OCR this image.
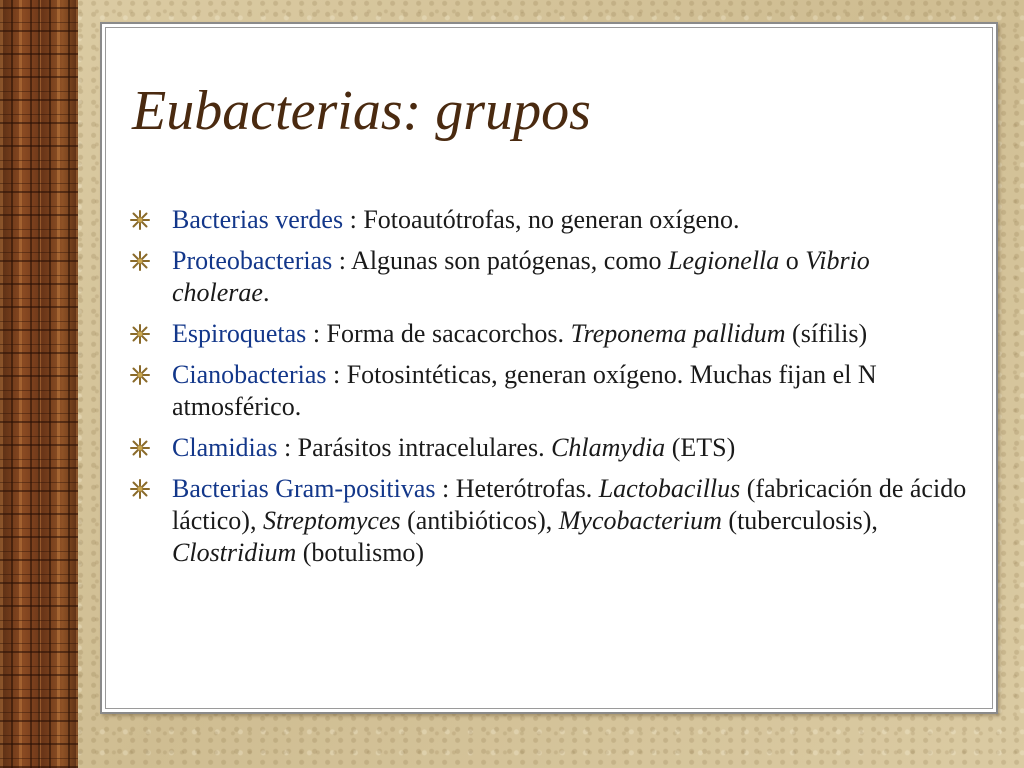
Eubacterias: grupos
Bacterias verdes : Fotoautótrofas, no generan oxígeno.
Proteobacterias : Algunas son patógenas, como Legionella o Vibrio cholerae.
Espiroquetas : Forma de sacacorchos. Treponema pallidum (sífilis)
Cianobacterias : Fotosintéticas, generan oxígeno. Muchas fijan el N atmosférico.
Clamidias : Parásitos intracelulares. Chlamydia (ETS)
Bacterias Gram-positivas : Heterótrofas. Lactobacillus (fabricación de ácido láctico), Streptomyces (antibióticos), Mycobacterium (tuberculosis), Clostridium (botulismo)
